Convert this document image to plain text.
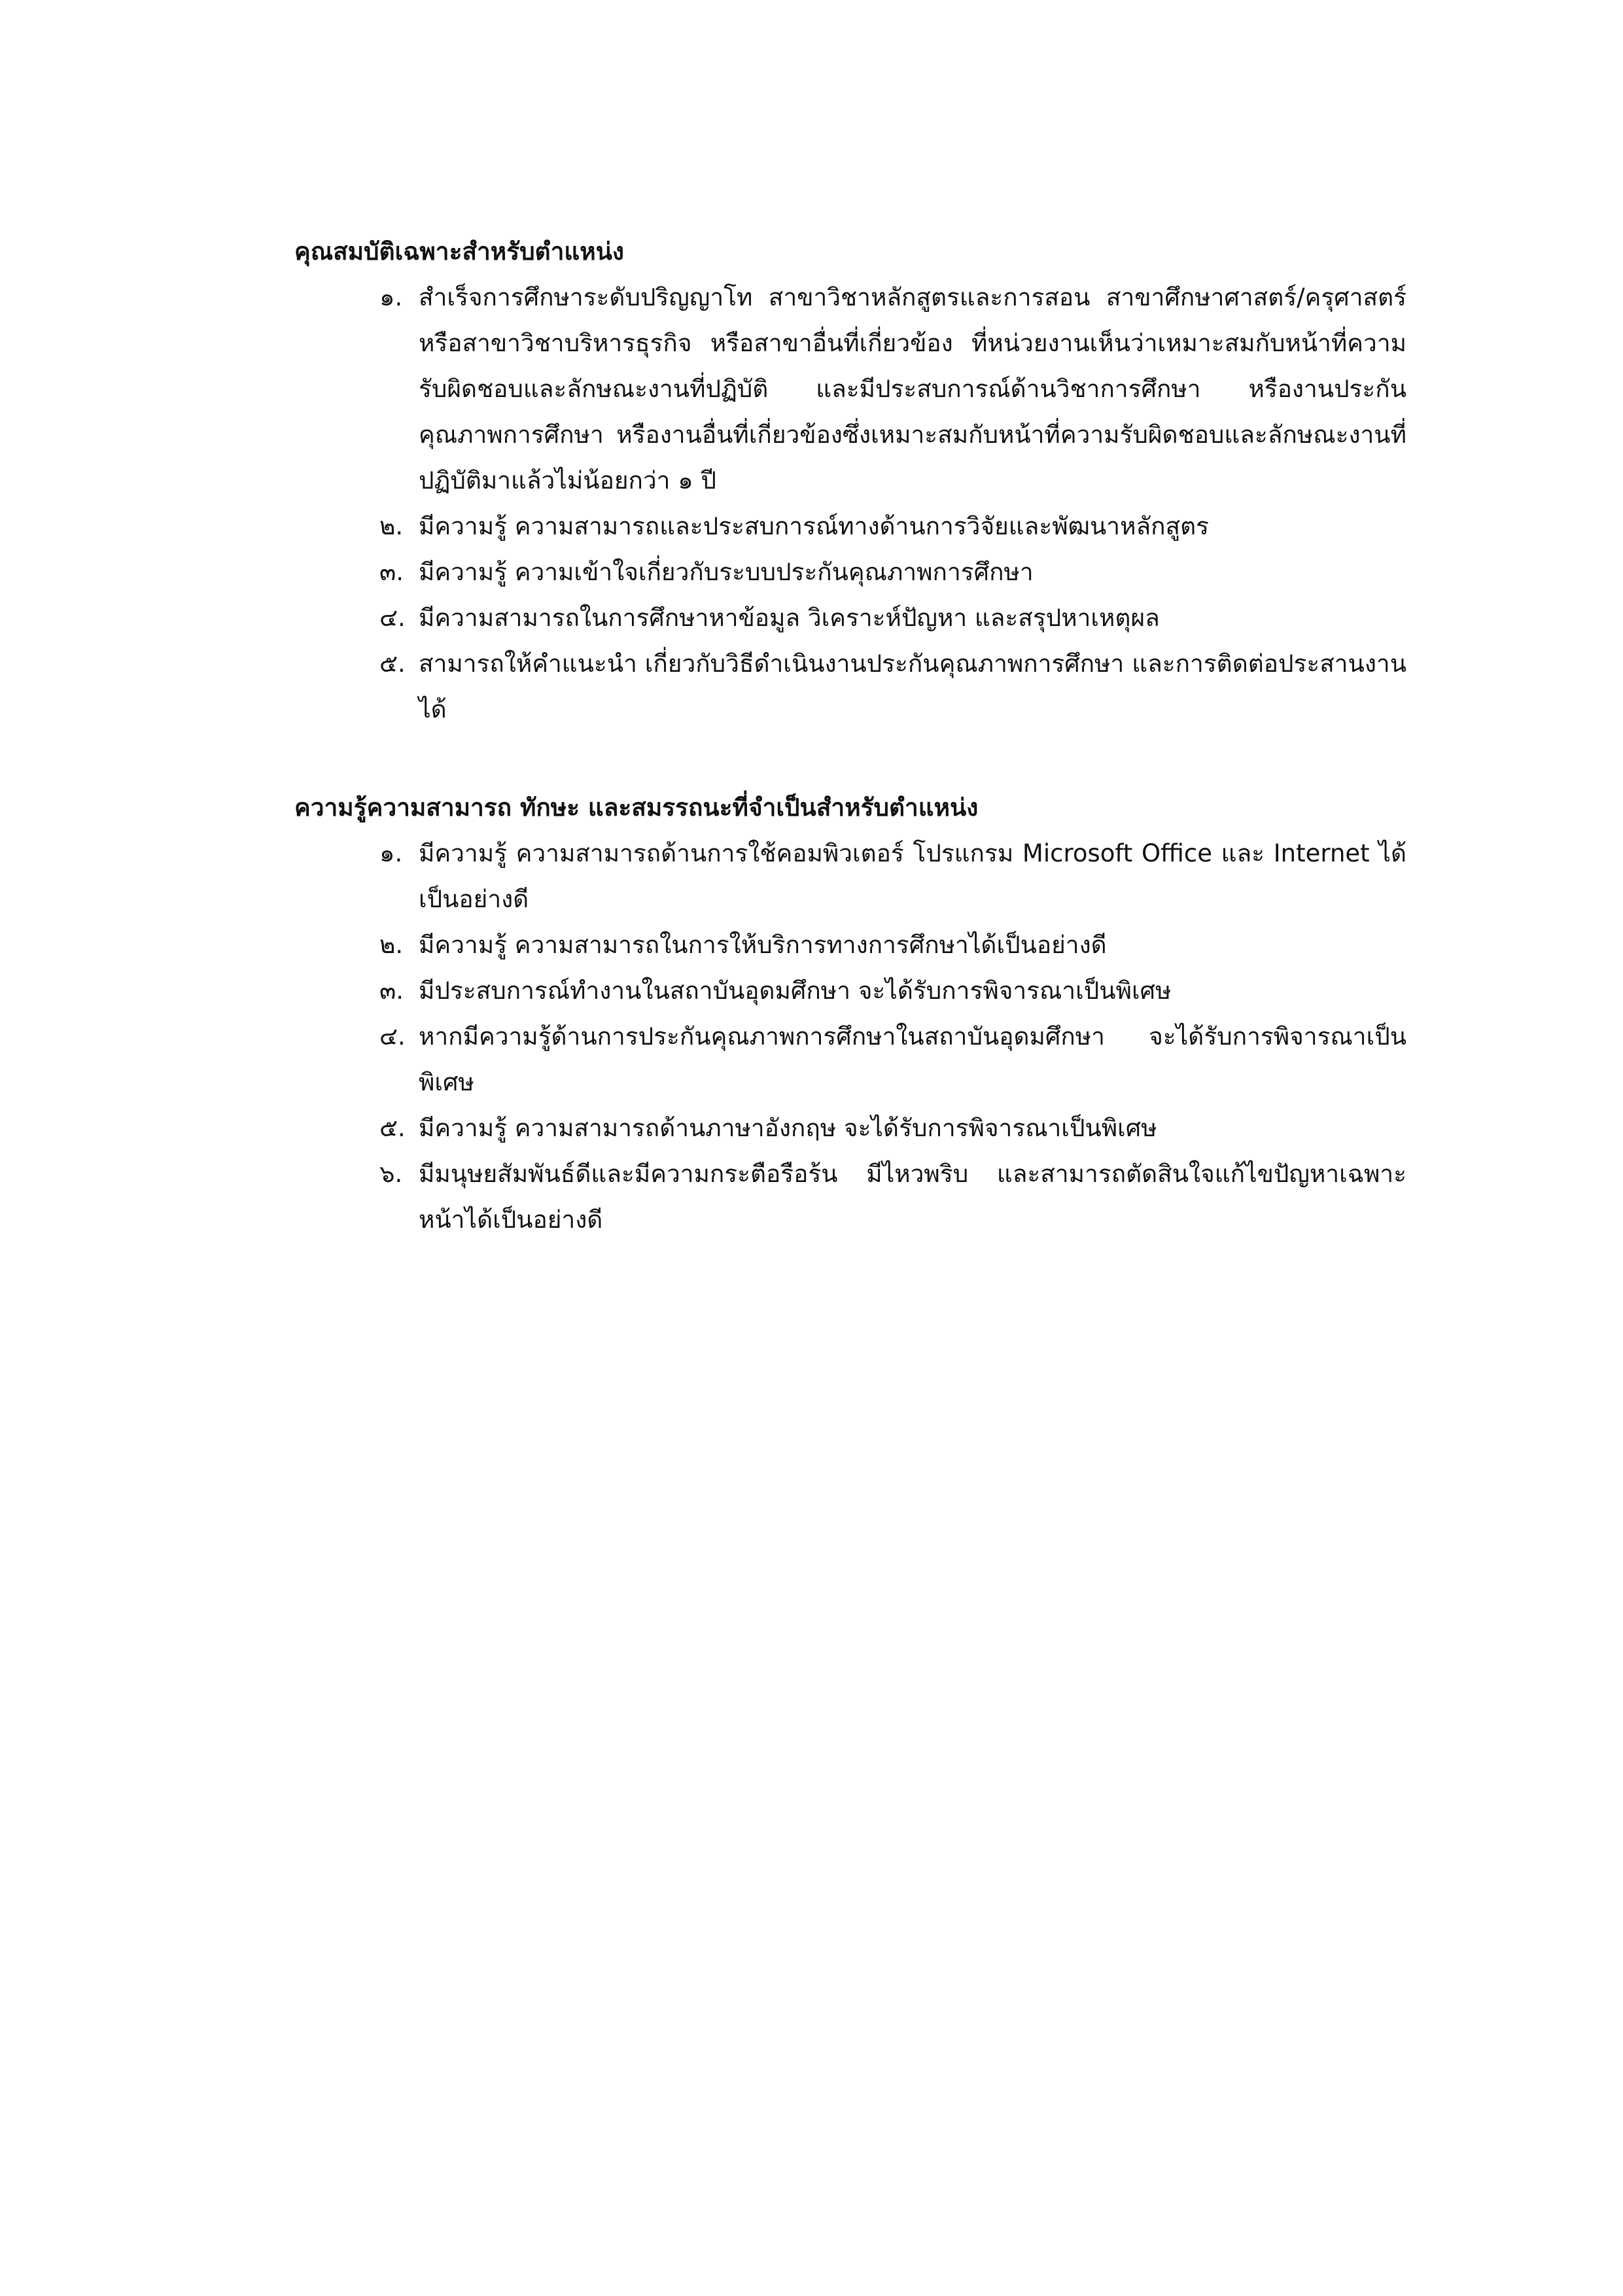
คุณสมบัติเฉพาะสำหรับตำแหน่ง

๑. สำเร็จการศึกษาระดับปริญญาโท สาขาวิชาหลักสูตรและการสอน สาขาศึกษาศาสตร์/ครุศาสตร์ หรือสาขาวิชาบริหารธุรกิจ หรือสาขาอื่นที่เกี่ยวข้อง ที่หน่วยงานเห็นว่าเหมาะสมกับหน้าที่ความรับผิดชอบและลักษณะงานที่ปฏิบัติ และมีประสบการณ์ด้านวิชาการศึกษา หรืองานประกันคุณภาพการศึกษา หรืองานอื่นที่เกี่ยวข้องซึ่งเหมาะสมกับหน้าที่ความรับผิดชอบและลักษณะงานที่ปฏิบัติมาแล้วไม่น้อยกว่า ๑ ปี
๒. มีความรู้ ความสามารถและประสบการณ์ทางด้านการวิจัยและพัฒนาหลักสูตร
๓. มีความรู้ ความเข้าใจเกี่ยวกับระบบประกันคุณภาพการศึกษา
๔. มีความสามารถในการศึกษาหาข้อมูล วิเคราะห์ปัญหา และสรุปหาเหตุผล
๕. สามารถให้คำแนะนำ เกี่ยวกับวิธีดำเนินงานประกันคุณภาพการศึกษา และการติดต่อประสานงานได้

ความรู้ความสามารถ ทักษะ และสมรรถนะที่จำเป็นสำหรับตำแหน่ง

๑. มีความรู้ ความสามารถด้านการใช้คอมพิวเตอร์ โปรแกรม Microsoft Office และ Internet ได้เป็นอย่างดี
๒. มีความรู้ ความสามารถในการให้บริการทางการศึกษาได้เป็นอย่างดี
๓. มีประสบการณ์ทำงานในสถาบันอุดมศึกษา จะได้รับการพิจารณาเป็นพิเศษ
๔. หากมีความรู้ด้านการประกันคุณภาพการศึกษาในสถาบันอุดมศึกษา จะได้รับการพิจารณาเป็นพิเศษ
๕. มีความรู้ ความสามารถด้านภาษาอังกฤษ จะได้รับการพิจารณาเป็นพิเศษ
๖. มีมนุษยสัมพันธ์ดีและมีความกระตือรือร้น มีไหวพริบ และสามารถตัดสินใจแก้ไขปัญหาเฉพาะหน้าได้เป็นอย่างดี
